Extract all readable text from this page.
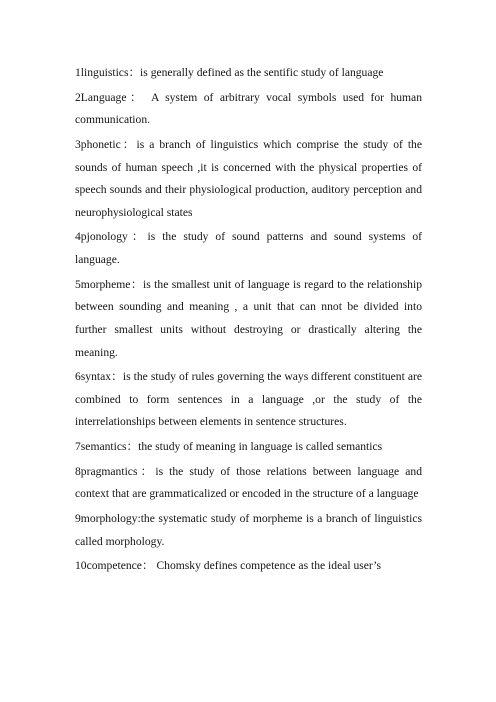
1linguistics：is generally defined as the sentific study of language

2Language： A system of arbitrary vocal symbols used for human communication.

3phonetic：is a branch of linguistics which comprise the study of the sounds of human speech ,it is concerned with the physical properties of speech sounds and their physiological production, auditory perception and neurophysiological states

4pjonology：is the study of sound patterns and sound systems of language.

5morpheme：is the smallest unit of language is regard to the relationship between sounding and meaning , a unit that can nnot be divided into further smallest units without destroying or drastically altering the meaning.

6syntax：is the study of rules governing the ways different constituent are combined to form sentences in a language ,or the study of the interrelationships between elements in sentence structures.

7semantics：the study of meaning in language is called semantics

8pragmantics：is the study of those relations between language and context that are grammaticalized or encoded in the structure of a language

9morphology:the systematic study of morpheme is a branch of linguistics called morphology.

10competence： Chomsky defines competence as the ideal user’s
